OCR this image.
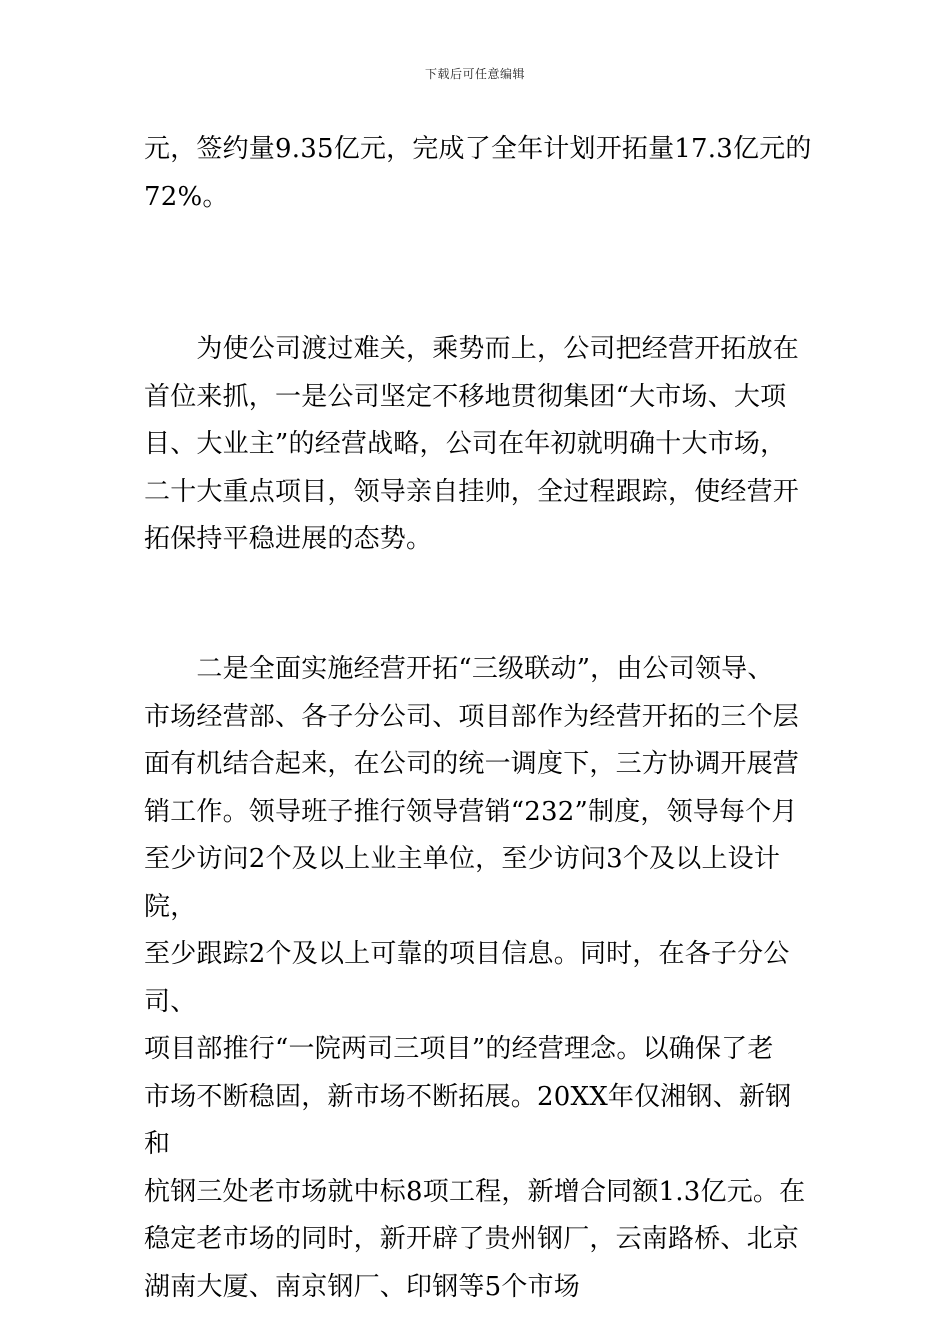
下载后可任意编辑

元，签约量9.35亿元，完成了全年计划开拓量17.3亿元的
72%。

　　为使公司渡过难关，乘势而上，公司把经营开拓放在
首位来抓，一是公司坚定不移地贯彻集团“大市场、大项
目、大业主”的经营战略，公司在年初就明确十大市场，
二十大重点项目，领导亲自挂帅，全过程跟踪，使经营开
拓保持平稳进展的态势。

　　二是全面实施经营开拓“三级联动”，由公司领导、
市场经营部、各子分公司、项目部作为经营开拓的三个层
面有机结合起来，在公司的统一调度下，三方协调开展营
销工作。领导班子推行领导营销“232”制度，领导每个月
至少访问2个及以上业主单位，至少访问3个及以上设计院，
至少跟踪2个及以上可靠的项目信息。同时，在各子分公司、
项目部推行“一院两司三项目”的经营理念。以确保了老
市场不断稳固，新市场不断拓展。20XX年仅湘钢、新钢和
杭钢三处老市场就中标8项工程，新增合同额1.3亿元。在
稳定老市场的同时，新开辟了贵州钢厂，云南路桥、北京
湖南大厦、南京钢厂、印钢等5个市场
